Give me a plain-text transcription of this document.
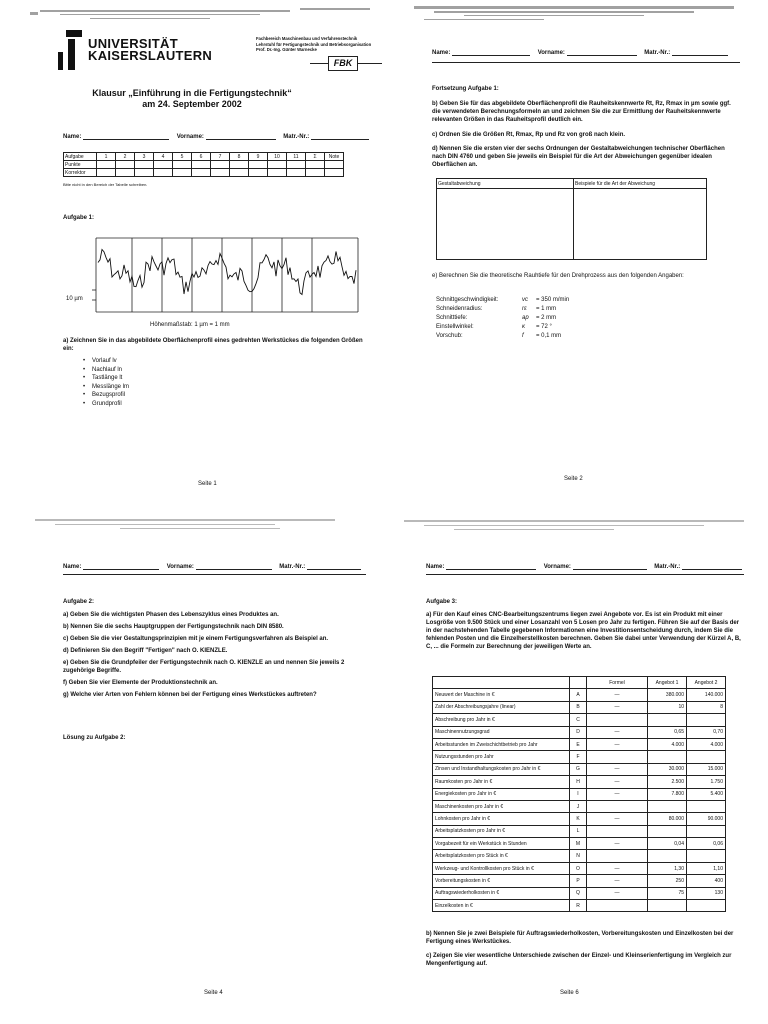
UNIVERSITÄT
KAISERSLAUTERN
Fachbereich Maschinenbau und Verfahrenstechnik
Lehrstuhl für Fertigungstechnik und Betriebsorganisation
Prof. Dr.-Ing. Günter Warnecke
FBK
Klausur „Einführung in die Fertigungstechnik“
am 24. September 2002
Name:	Vorname:	Matr.-Nr.:
Aufgabe	1	2	3	4	5	6	7	8	9	10	11	Σ	Note
Punkte													
Korrektor													
Bitte nicht in den Bereich der Tabelle schreiben.
Aufgabe 1:
10 µm
Höhenmaßstab: 1 µm = 1 mm
a) Zeichnen Sie in das abgebildete Oberflächenprofil eines gedrehten Werkstückes die folgenden Größen ein:
• Vorlauf lv
• Nachlauf ln
• Tastlänge lt
• Messlänge lm
• Bezugsprofil
• Grundprofil
Seite 1
Name:	Vorname:	Matr.-Nr.:
Fortsetzung Aufgabe 1:
b) Geben Sie für das abgebildete Oberflächenprofil die Rauheitskennwerte Rt, Rz, Rmax in µm sowie ggf. die verwendeten Berechnungsformeln an und zeichnen Sie die zur Ermittlung der Rauheitskennwerte relevanten Größen in das Rauheitsprofil deutlich ein.
c) Ordnen Sie die Größen Rt, Rmax, Rp und Rz von groß nach klein.
d) Nennen Sie die ersten vier der sechs Ordnungen der Gestaltabweichungen technischer Oberflächen nach DIN 4760 und geben Sie jeweils ein Beispiel für die Art der Abweichungen gegenüber idealen Oberflächen an.
Gestaltabweichung	Beispiele für die Art der Abweichung

e) Berechnen Sie die theoretische Rauhtiefe für den Drehprozess aus den folgenden Angaben:
Schnittgeschwindigkeit:	vc = 350 m/min
Schneidenradius:	rε = 1 mm
Schnitttiefe:	ap = 2 mm
Einstellwinkel:	κ = 72 °
Vorschub:	f = 0,1 mm
Seite 2
Name:	Vorname:	Matr.-Nr.:
Aufgabe 2:
a) Geben Sie die wichtigsten Phasen des Lebenszyklus eines Produktes an.
b) Nennen Sie die sechs Hauptgruppen der Fertigungstechnik nach DIN 8580.
c) Geben Sie die vier Gestaltungsprinzipien mit je einem Fertigungsverfahren als Beispiel an.
d) Definieren Sie den Begriff "Fertigen" nach O. KIENZLE.
e) Geben Sie die Grundpfeiler der Fertigungstechnik nach O. KIENZLE an und nennen Sie jeweils 2 zugehörige Begriffe.
f) Geben Sie vier Elemente der Produktionstechnik an.
g) Welche vier Arten von Fehlern können bei der Fertigung eines Werkstückes auftreten?
Lösung zu Aufgabe 2:
Seite 4
Name:	Vorname:	Matr.-Nr.:
Aufgabe 3:
a) Für den Kauf eines CNC-Bearbeitungszentrums liegen zwei Angebote vor. Es ist ein Produkt mit einer Losgröße von 9.500 Stück und einer Losanzahl von 5 Losen pro Jahr zu fertigen. Führen Sie auf der Basis der in der nachstehenden Tabelle gegebenen Informationen eine Investitionsentscheidung durch, indem Sie die fehlenden Posten und die Einzelherstellkosten berechnen. Geben Sie dabei unter Verwendung der Kürzel A, B, C, ... die Formeln zur Berechnung der jeweiligen Werte an.
		Formel	Angebot 1	Angebot 2
Neuwert der Maschine in €	A	—	380.000	140.000
Zahl der Abschreibungsjahre (linear)	B	—	10	8
Abschreibung pro Jahr in €	C			
Maschinennutzungsgrad	D	—	0,65	0,70
Arbeitsstunden im Zweischichtbetrieb pro Jahr	E	—	4.000	4.000
Nutzungsstunden pro Jahr	F			
Zinsen und Instandhaltungskosten pro Jahr in €	G	—	30.000	15.000
Raumkosten pro Jahr in €	H	—	2.500	1.750
Energiekosten pro Jahr in €	I	—	7.800	5.400
Maschinenkosten pro Jahr in €	J			
Lohnkosten pro Jahr in €	K	—	80.000	90.000
Arbeitsplatzkosten pro Jahr in €	L			
Vorgabezeit für ein Werkstück in Stunden	M	—	0,04	0,06
Arbeitsplatzkosten pro Stück in €	N			
Werkzeug- und Kontrollkosten pro Stück in €	O	—	1,30	1,10
Vorbereitungskosten in €	P	—	250	400
Auftragswiederholkosten in €	Q	—	75	130
Einzelkosten in €	R			
b) Nennen Sie je zwei Beispiele für Auftragswiederholkosten, Vorbereitungskosten und Einzelkosten bei der Fertigung eines Werkstückes.
c) Zeigen Sie vier wesentliche Unterschiede zwischen der Einzel- und Kleinserienfertigung im Vergleich zur Mengenfertigung auf.
Seite 6
